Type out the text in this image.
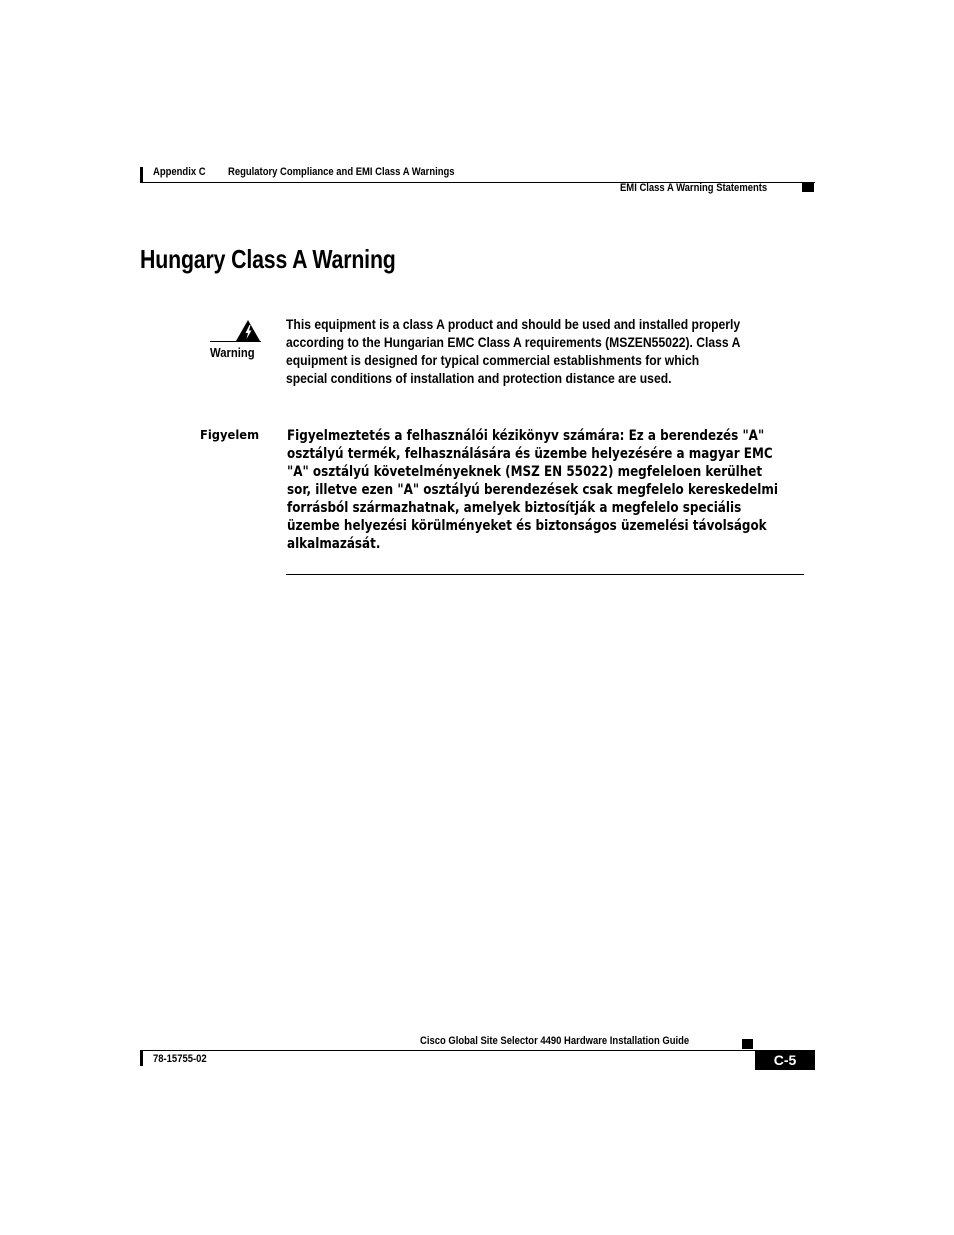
Appendix C Regulatory Compliance and EMI Class A Warnings
EMI Class A Warning Statements
Hungary Class A Warning
Warning
This equipment is a class A product and should be used and installed properly
according to the Hungarian EMC Class A requirements (MSZEN55022). Class A
equipment is designed for typical commercial establishments for which
special conditions of installation and protection distance are used.
Figyelem Figyelmeztetés a felhasználói kézikönyv számára: Ez a berendezés "A"
osztályú termék, felhasználására és üzembe helyezésére a magyar EMC
"A" osztályú követelményeknek (MSZ EN 55022) megfeleloen kerülhet
sor, illetve ezen "A" osztályú berendezések csak megfelelo kereskedelmi
forrásból származhatnak, amelyek biztosítják a megfelelo speciális
üzembe helyezési körülményeket és biztonságos üzemelési távolságok
alkalmazását.
Cisco Global Site Selector 4490 Hardware Installation Guide
78-15755-02	C-5
